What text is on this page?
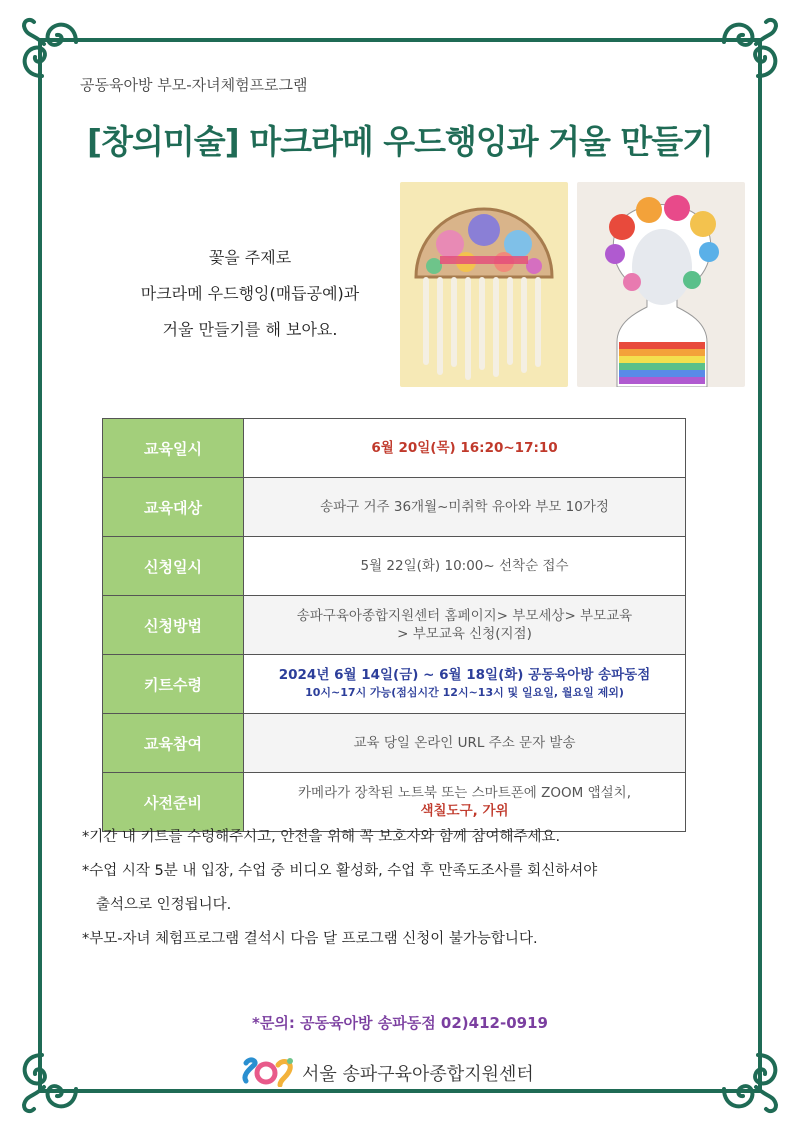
공동육아방 부모-자녀체험프로그램
[창의미술] 마크라메 우드행잉과 거울 만들기
꽃을 주제로
마크라메 우드행잉(매듭공예)과
거울 만들기를 해 보아요.
교육일시	6월 20일(목) 16:20~17:10
교육대상	송파구 거주 36개월~미취학 유아와 부모 10가정
신청일시	5월 22일(화) 10:00~ 선착순 접수
신청방법	송파구육아종합지원센터 홈페이지> 부모세상> 부모교육
> 부모교육 신청(지점)

키트수령	2024년 6월 14일(금) ~ 6월 18일(화) 공동육아방 송파동점
10시~17시 가능(점심시간 12시~13시 및 일요일, 월요일 제외)

교육참여	교육 당일 온라인 URL 주소 문자 발송
사전준비	카메라가 장착된 노트북 또는 스마트폰에 ZOOM 앱설치,
색칠도구, 가위
*기간 내 키트를 수령해주시고, 안전을 위해 꼭 보호자와 함께 참여해주세요.
*수업 시작 5분 내 입장, 수업 중 비디오 활성화, 수업 후 만족도조사를 회신하셔야
출석으로 인정됩니다.
*부모-자녀 체험프로그램 결석시 다음 달 프로그램 신청이 불가능합니다.
*문의: 공동육아방 송파동점 02)412-0919
서울 송파구육아종합지원센터
